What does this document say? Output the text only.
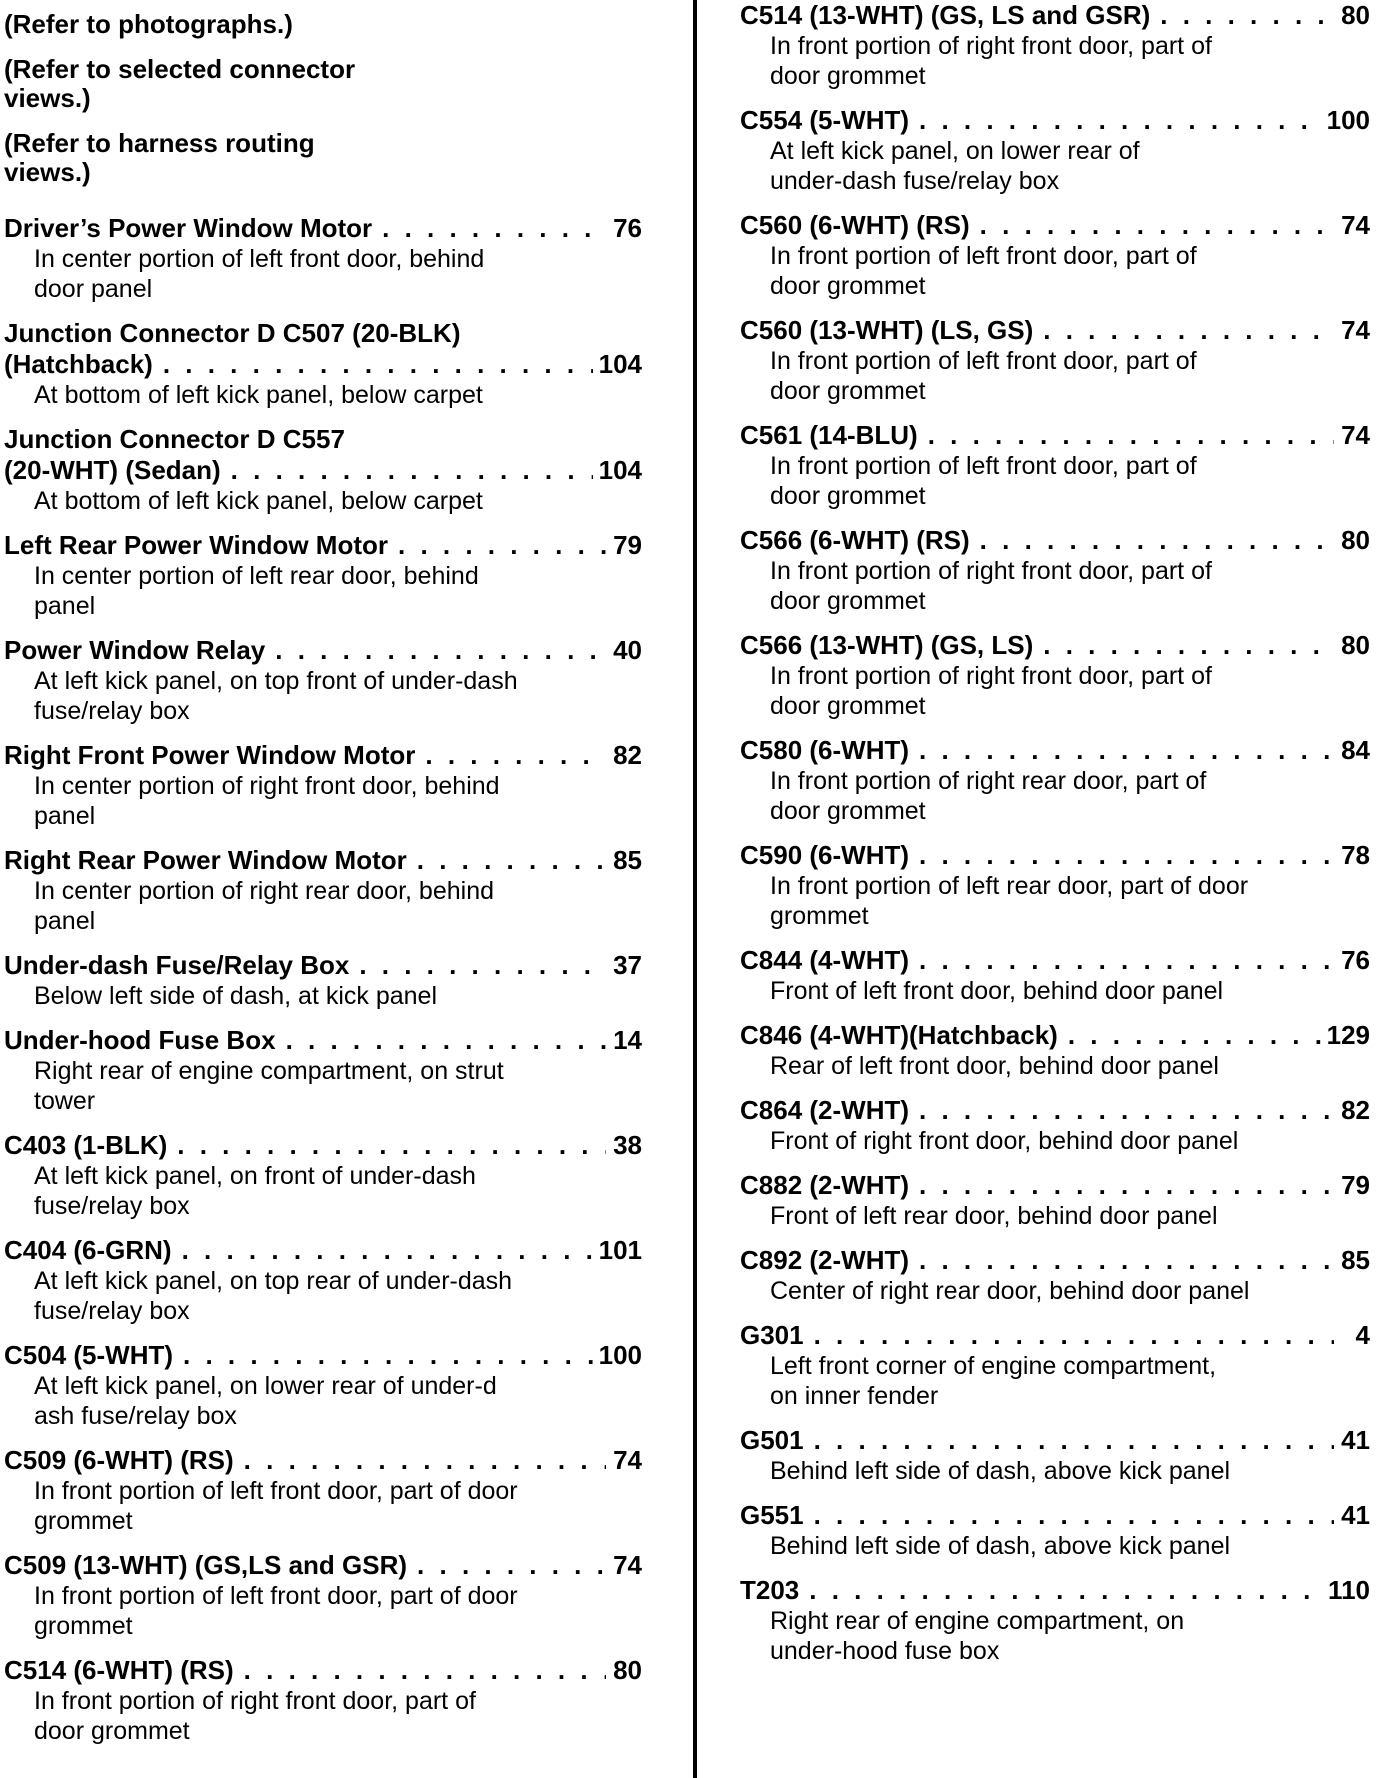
(Refer to photographs.)
(Refer to selected connector
views.)
(Refer to harness routing
views.)
Driver’s Power Window Motor . . .	76
In center portion of left front door, behind
door panel
Junction Connector D C507 (20-BLK)
(Hatchback) . . .	104
At bottom of left kick panel, below carpet
Junction Connector D C557
(20-WHT) (Sedan) . . .	104
At bottom of left kick panel, below carpet
Left Rear Power Window Motor . . .	79
In center portion of left rear door, behind
panel
Power Window Relay . . .	40
At left kick panel, on top front of under-dash
fuse/relay box
Right Front Power Window Motor . . .	82
In center portion of right front door, behind
panel
Right Rear Power Window Motor . . .	85
In center portion of right rear door, behind
panel
Under-dash Fuse/Relay Box . . .	37
Below left side of dash, at kick panel
Under-hood Fuse Box . . .	14
Right rear of engine compartment, on strut
tower
C403 (1-BLK) . . .	38
At left kick panel, on front of under-dash
fuse/relay box
C404 (6-GRN) . . .	101
At left kick panel, on top rear of under-dash
fuse/relay box
C504 (5-WHT) . . .	100
At left kick panel, on lower rear of under-d
ash fuse/relay box
C509 (6-WHT) (RS) . . .	74
In front portion of left front door, part of door
grommet
C509 (13-WHT) (GS,LS and GSR) . . .	74
In front portion of left front door, part of door
grommet
C514 (6-WHT) (RS) . . .	80
In front portion of right front door, part of
door grommet
C514 (13-WHT) (GS, LS and GSR) . . .	80
In front portion of right front door, part of
door grommet
C554 (5-WHT) . . .	100
At left kick panel, on lower rear of
under-dash fuse/relay box
C560 (6-WHT) (RS) . . .	74
In front portion of left front door, part of
door grommet
C560 (13-WHT) (LS, GS) . . .	74
In front portion of left front door, part of
door grommet
C561 (14-BLU) . . .	74
In front portion of left front door, part of
door grommet
C566 (6-WHT) (RS) . . .	80
In front portion of right front door, part of
door grommet
C566 (13-WHT) (GS, LS) . . .	80
In front portion of right front door, part of
door grommet
C580 (6-WHT) . . .	84
In front portion of right rear door, part of
door grommet
C590 (6-WHT) . . .	78
In front portion of left rear door, part of door
grommet
C844 (4-WHT) . . .	76
Front of left front door, behind door panel
C846 (4-WHT)(Hatchback) . . .	129
Rear of left front door, behind door panel
C864 (2-WHT) . . .	82
Front of right front door, behind door panel
C882 (2-WHT) . . .	79
Front of left rear door, behind door panel
C892 (2-WHT) . . .	85
Center of right rear door, behind door panel
G301 . . .	4
Left front corner of engine compartment,
on inner fender
G501 . . .	41
Behind left side of dash, above kick panel
G551 . . .	41
Behind left side of dash, above kick panel
T203 . . .	110
Right rear of engine compartment, on
under-hood fuse box
